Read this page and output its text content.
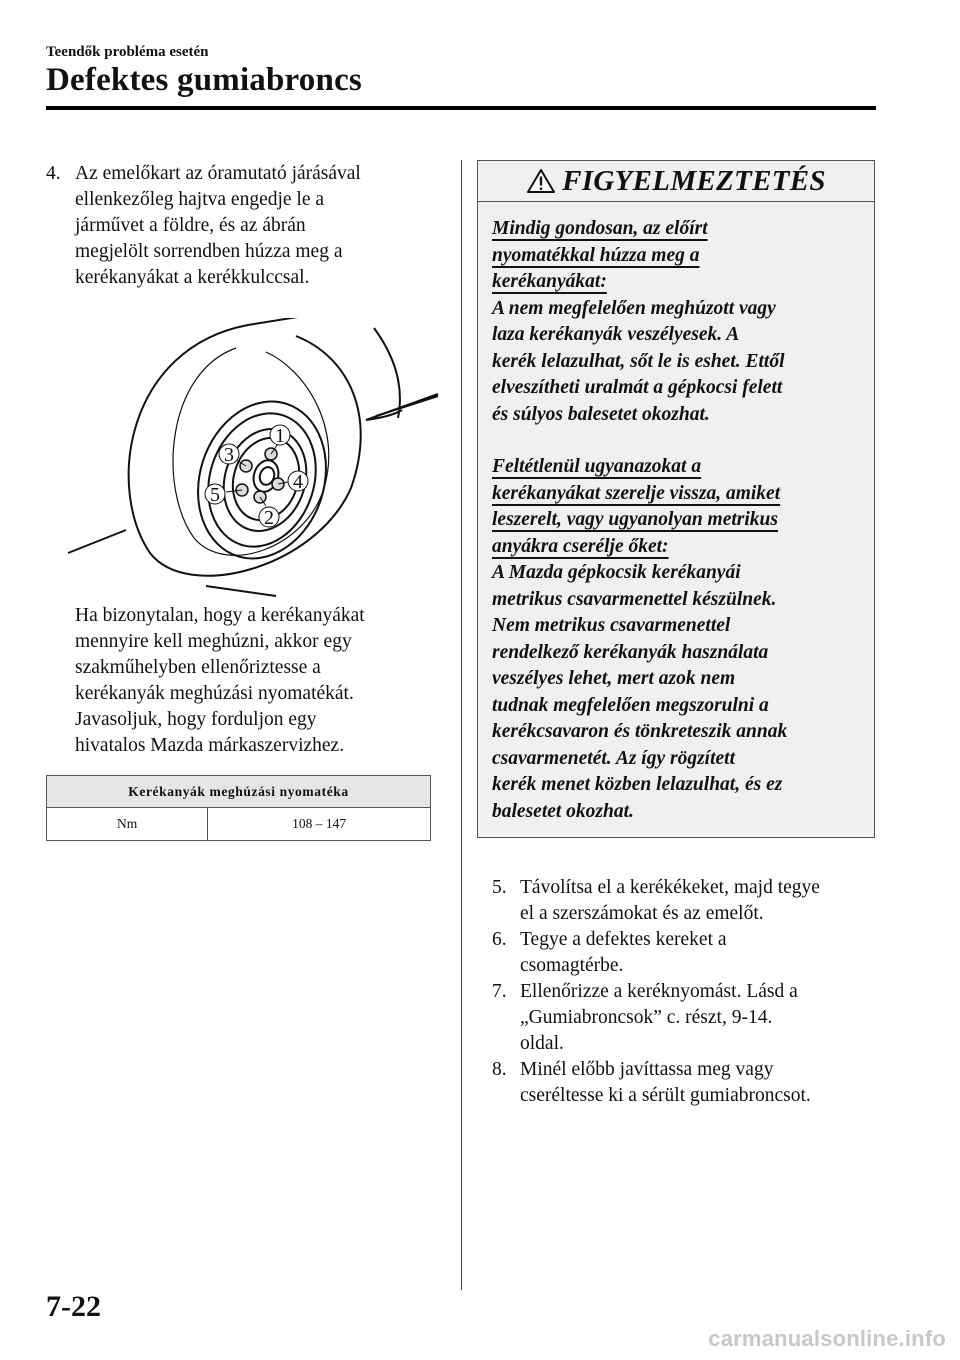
Teendők probléma esetén
Defektes gumiabroncs
4. Az emelőkart az óramutató járásával
ellenkezőleg hajtva engedje le a
járművet a földre, és az ábrán
megjelölt sorrendben húzza meg a
kerékanyákat a kerékkulccsal.
1
2
3
4
5
Ha bizonytalan, hogy a kerékanyákat
mennyire kell meghúzni, akkor egy
szakműhelyben ellenőriztesse a
kerékanyák meghúzási nyomatékát.
Javasoljuk, hogy forduljon egy
hivatalos Mazda márkaszervizhez.
Kerékanyák meghúzási nyomatéka
Nm	108 – 147
FIGYELMEZTETÉS

Mindig gondosan, az előírt
nyomatékkal húzza meg a
kerékanyákat:
A nem megfelelően meghúzott vagy
laza kerékanyák veszélyesek. A
kerék lelazulhat, sőt le is eshet. Ettől
elveszítheti uralmát a gépkocsi felett
és súlyos balesetet okozhat.

Feltétlenül ugyanazokat a
kerékanyákat szerelje vissza, amiket
leszerelt, vagy ugyanolyan metrikus
anyákra cserélje őket:
A Mazda gépkocsik kerékanyái
metrikus csavarmenettel készülnek.
Nem metrikus csavarmenettel
rendelkező kerékanyák használata
veszélyes lehet, mert azok nem
tudnak megfelelően megszorulni a
kerékcsavaron és tönkreteszik annak
csavarmenetét. Az így rögzített
kerék menet közben lelazulhat, és ez
balesetet okozhat.

5. Távolítsa el a kerékékeket, majd tegye
el a szerszámokat és az emelőt.
6. Tegye a defektes kereket a
csomagtérbe.
7. Ellenőrizze a keréknyomást. Lásd a
„Gumiabroncsok” c. részt, 9-14.
oldal.
8. Minél előbb javíttassa meg vagy
cseréltesse ki a sérült gumiabroncsot.
7-22
carmanualsonline.info
